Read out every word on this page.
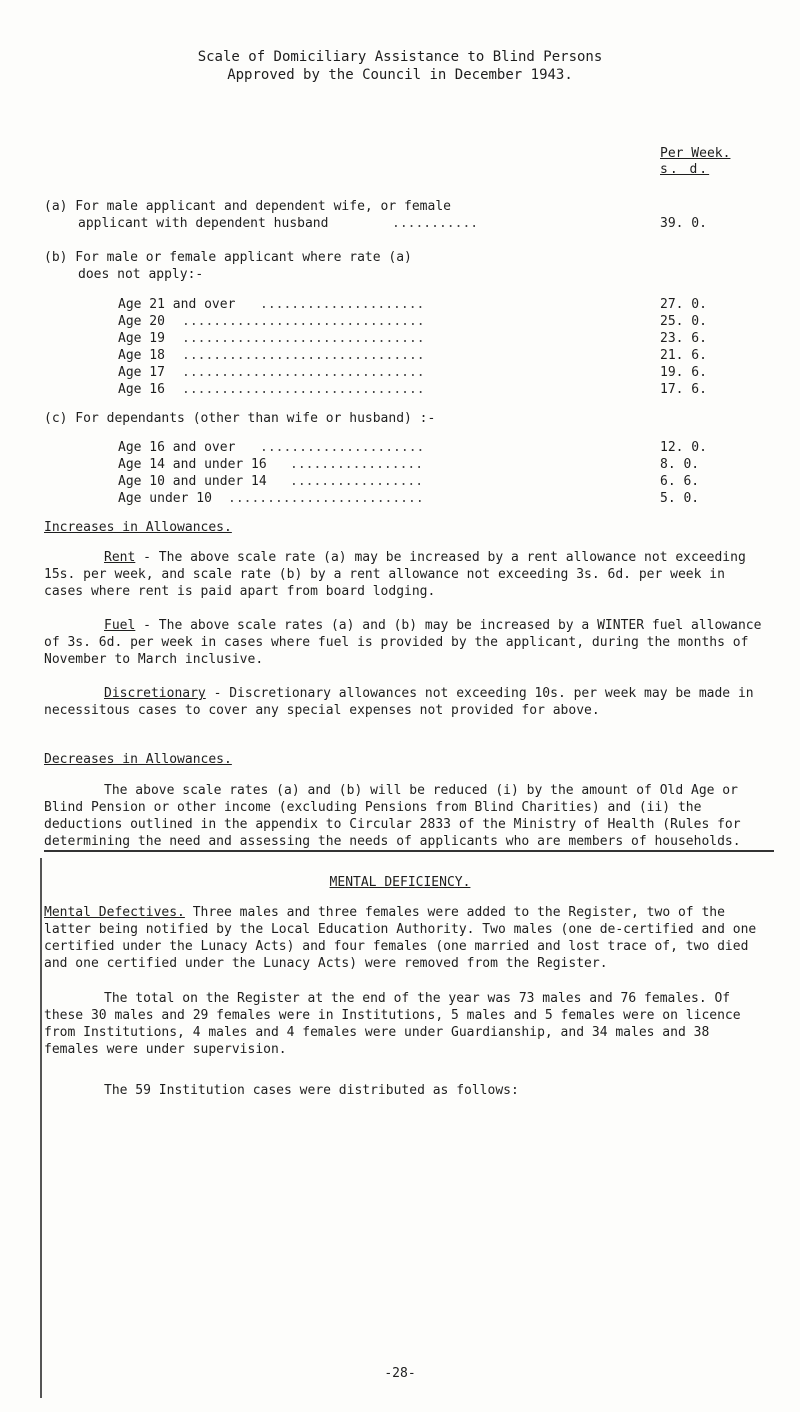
Scale of Domiciliary Assistance to Blind Persons
Approved by the Council in December 1943.
Per Week.
s. d.
(a) For male applicant and dependent wife, or female
applicant with dependent husband	...........	39. 0.
(b) For male or female applicant where rate (a)
does not apply:-
Age 21 and over .....................	27. 0.
Age 20 ...............................	25. 0.
Age 19 ...............................	23. 6.
Age 18 ...............................	21. 6.
Age 17 ...............................	19. 6.
Age 16 ...............................	17. 6.
(c) For dependants (other than wife or husband) :-
Age 16 and over .....................	12. 0.
Age 14 and under 16 .................	8. 0.
Age 10 and under 14 .................	6. 6.
Age under 10 .........................	5. 0.
Increases in Allowances.
Rent - The above scale rate (a) may be increased by a rent allowance not exceeding 15s. per week, and scale rate (b) by a rent allowance not exceeding 3s. 6d. per week in cases where rent is paid apart from board lodging.
Fuel - The above scale rates (a) and (b) may be increased by a WINTER fuel allowance of 3s. 6d. per week in cases where fuel is provided by the applicant, during the months of November to March inclusive.
Discretionary - Discretionary allowances not exceeding 10s. per week may be made in necessitous cases to cover any special expenses not provided for above.
Decreases in Allowances.
The above scale rates (a) and (b) will be reduced (i) by the amount of Old Age or Blind Pension or other income (excluding Pensions from Blind Charities) and (ii) the deductions outlined in the appendix to Circular 2833 of the Ministry of Health (Rules for determining the need and assessing the needs of applicants who are members of households.
MENTAL DEFICIENCY.
Mental Defectives. Three males and three females were added to the Register, two of the latter being notified by the Local Education Authority. Two males (one de-certified and one certified under the Lunacy Acts) and four females (one married and lost trace of, two died and one certified under the Lunacy Acts) were removed from the Register.
The total on the Register at the end of the year was 73 males and 76 females. Of these 30 males and 29 females were in Institutions, 5 males and 5 females were on licence from Institutions, 4 males and 4 females were under Guardianship, and 34 males and 38 females were under supervision.
The 59 Institution cases were distributed as follows:
-28-
